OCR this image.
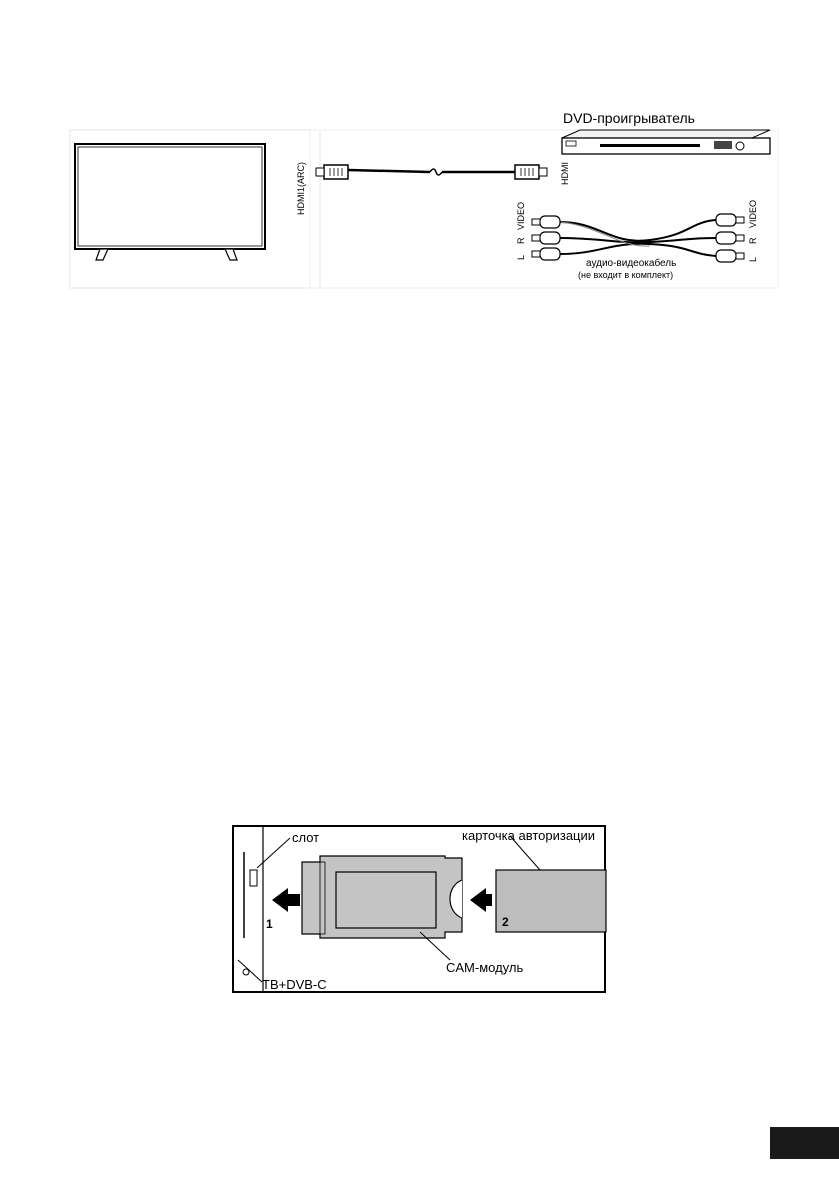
HDMI1(ARC)	HDMI
DVD-проигрыватель
VIDEO
R
L
VIDEO
R
L
аудио-видеокабель
(не входит в комплект)
1	2
слот	карточка авторизации
CAM-модуль
ТВ+DVB-C
